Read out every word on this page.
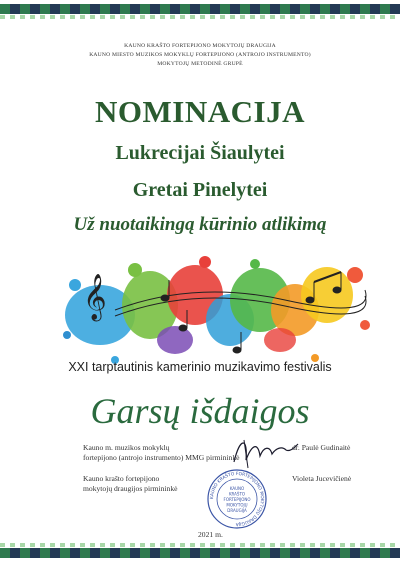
KAUNO KRAŠTO FORTEPIJONO MOKYTOJŲ DRAUGIJA
KAUNO MIESTO MUZIKOS MOKYKLŲ FORTEPIJONO (ANTROJO INSTRUMENTO)
MOKYTOJŲ METODINĖ GRUPĖ
NOMINACIJA
Lukrecijai Šiaulytei
Gretai Pinelytei
Už nuotaikingą kūrinio atlikimą
𝄞
XXI tarptautinis kamerinio muzikavimo festivalis
Garsų išdaigos
Kauno m. muzikos mokyklų
fortepijono (antrojo instrumento) MMG pirmininkė
dr. Paulė Gudinaitė
Kauno krašto fortepijono
mokytojų draugijos pirmininkė
Violeta Jucevičienė
KAUNO KRAŠTO FORTEPIJONO MOKYTOJŲ DRAUGIJA
KAUNO
KRAŠTO
FORTEPIJONO
MOKYTOJŲ
DRAUGIJA
2021 m.
